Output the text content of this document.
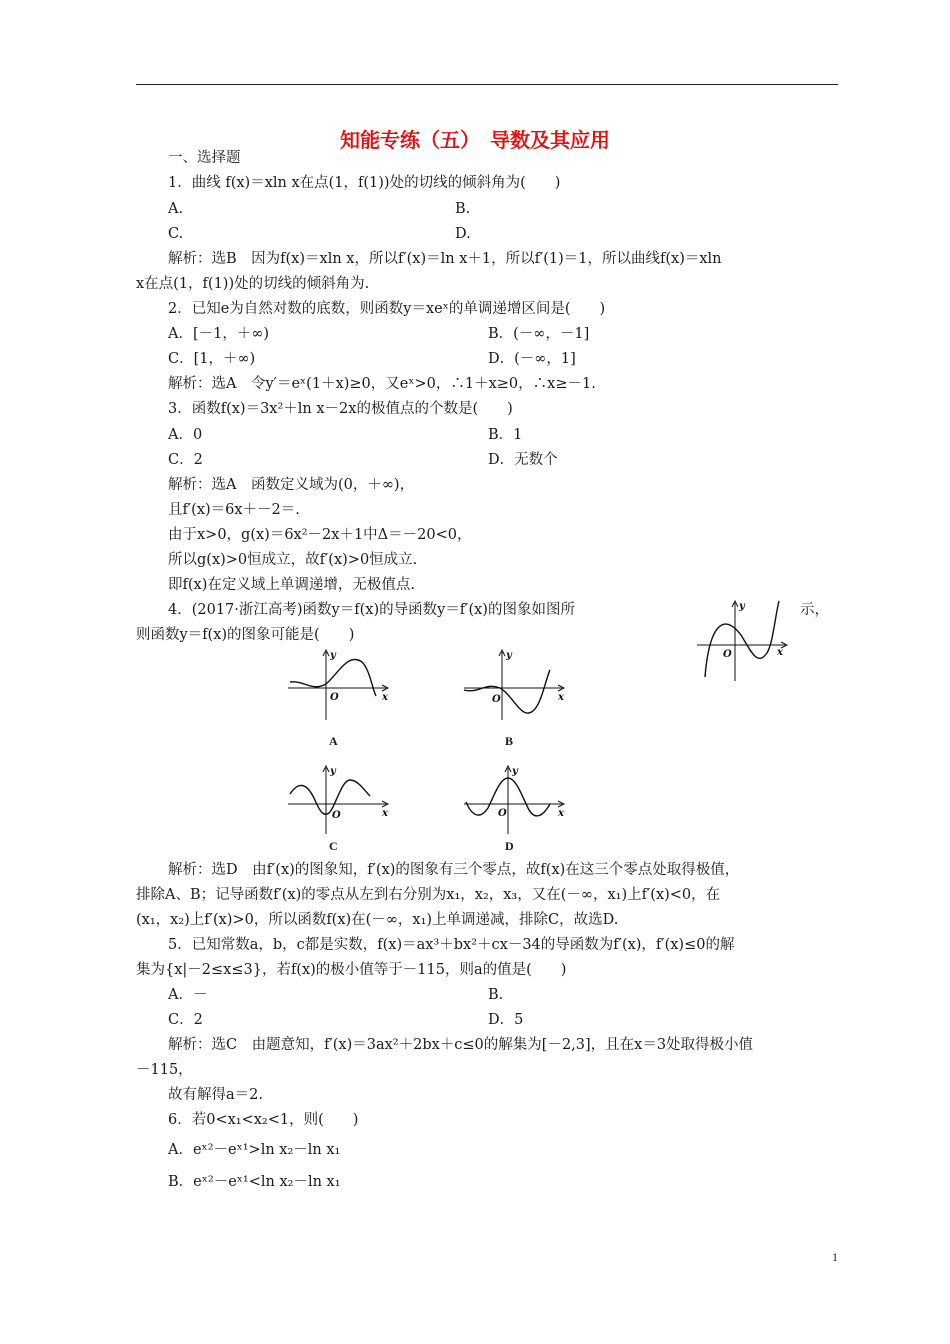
知能专练（五）　导数及其应用
一、选择题
1．曲线 f(x)＝xln x在点(1，f(1))处的切线的倾斜角为(　　)
A.	B.
C.	D.
解析：选B　因为f(x)＝xln x，所以f′(x)＝ln x＋1，所以f′(1)＝1，所以曲线f(x)＝xln
x在点(1，f(1))处的切线的倾斜角为.
2．已知e为自然对数的底数，则函数y＝xeˣ的单调递增区间是(　　)
A．[－1，＋∞)	B．(－∞，－1]
C．[1，＋∞)	D．(－∞，1]
解析：选A　令y′＝eˣ(1＋x)≥0，又eˣ>0，∴1＋x≥0，∴x≥－1.
3．函数f(x)＝3x²＋ln x－2x的极值点的个数是(　　)
A．0	B．1
C．2	D．无数个
解析：选A　函数定义域为(0，＋∞)，
且f′(x)＝6x＋－2＝.
由于x>0，g(x)＝6x²－2x＋1中Δ＝－20<0，
所以g(x)>0恒成立，故f′(x)>0恒成立.
即f(x)在定义域上单调递增，无极值点.
4．(2017·浙江高考)函数y＝f(x)的导函数y＝f′(x)的图象如图所	示，
则函数y＝f(x)的图象可能是(　　)
y
x
O
y
x
O
A
y
x
O
B
y
x
O
C
y
x
O
D
解析：选D　由f′(x)的图象知，f′(x)的图象有三个零点，故f(x)在这三个零点处取得极值，
排除A、B；记导函数f′(x)的零点从左到右分别为x₁，x₂，x₃，又在(－∞，x₁)上f′(x)<0，在
(x₁，x₂)上f′(x)>0，所以函数f(x)在(－∞，x₁)上单调递减，排除C，故选D.
5．已知常数a，b，c都是实数，f(x)＝ax³＋bx²＋cx－34的导函数为f′(x)，f′(x)≤0的解
集为{x|－2≤x≤3}，若f(x)的极小值等于－115，则a的值是(　　)
A．－	B.
C．2	D．5
解析：选C　由题意知，f′(x)＝3ax²＋2bx＋c≤0的解集为[－2,3]，且在x＝3处取得极小值
－115，
故有解得a＝2.
6．若0<x₁<x₂<1，则(　　)
A．eˣ²－eˣ¹>ln x₂－ln x₁
B．eˣ²－eˣ¹<ln x₂－ln x₁
1
